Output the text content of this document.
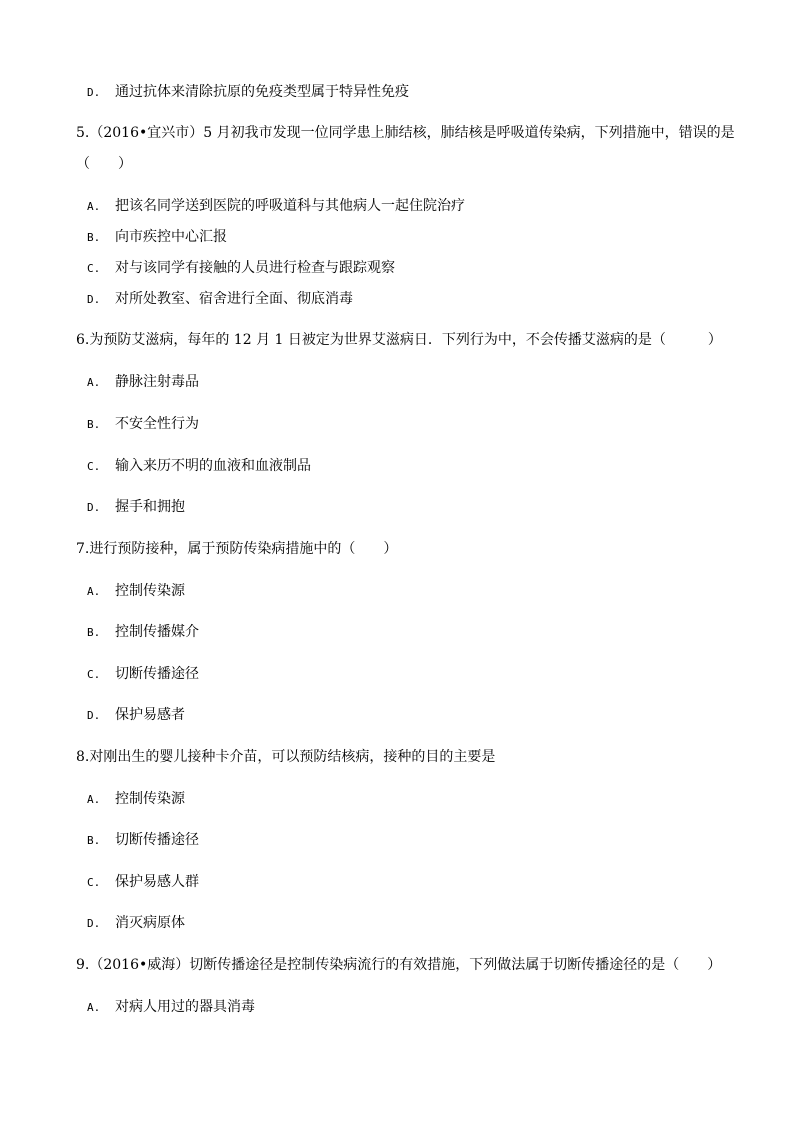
D. 通过抗体来清除抗原的免疫类型属于特异性免疫
5.（2016•宜兴市）5 月初我市发现一位同学患上肺结核，肺结核是呼吸道传染病，下列措施中，错误的是
（　　）
A. 把该名同学送到医院的呼吸道科与其他病人一起住院治疗
B. 向市疾控中心汇报
C. 对与该同学有接触的人员进行检查与跟踪观察
D. 对所处教室、宿舍进行全面、彻底消毒
6.为预防艾滋病，每年的 12 月 1 日被定为世界艾滋病日．下列行为中，不会传播艾滋病的是（　　　）
A. 静脉注射毒品
B. 不安全性行为
C. 输入来历不明的血液和血液制品
D. 握手和拥抱
7.进行预防接种，属于预防传染病措施中的（　　）
A. 控制传染源
B. 控制传播媒介
C. 切断传播途径
D. 保护易感者
8.对刚出生的婴儿接种卡介苗，可以预防结核病，接种的目的主要是
A. 控制传染源
B. 切断传播途径
C. 保护易感人群
D. 消灭病原体
9.（2016•威海）切断传播途径是控制传染病流行的有效措施，下列做法属于切断传播途径的是（　　）
A. 对病人用过的器具消毒
